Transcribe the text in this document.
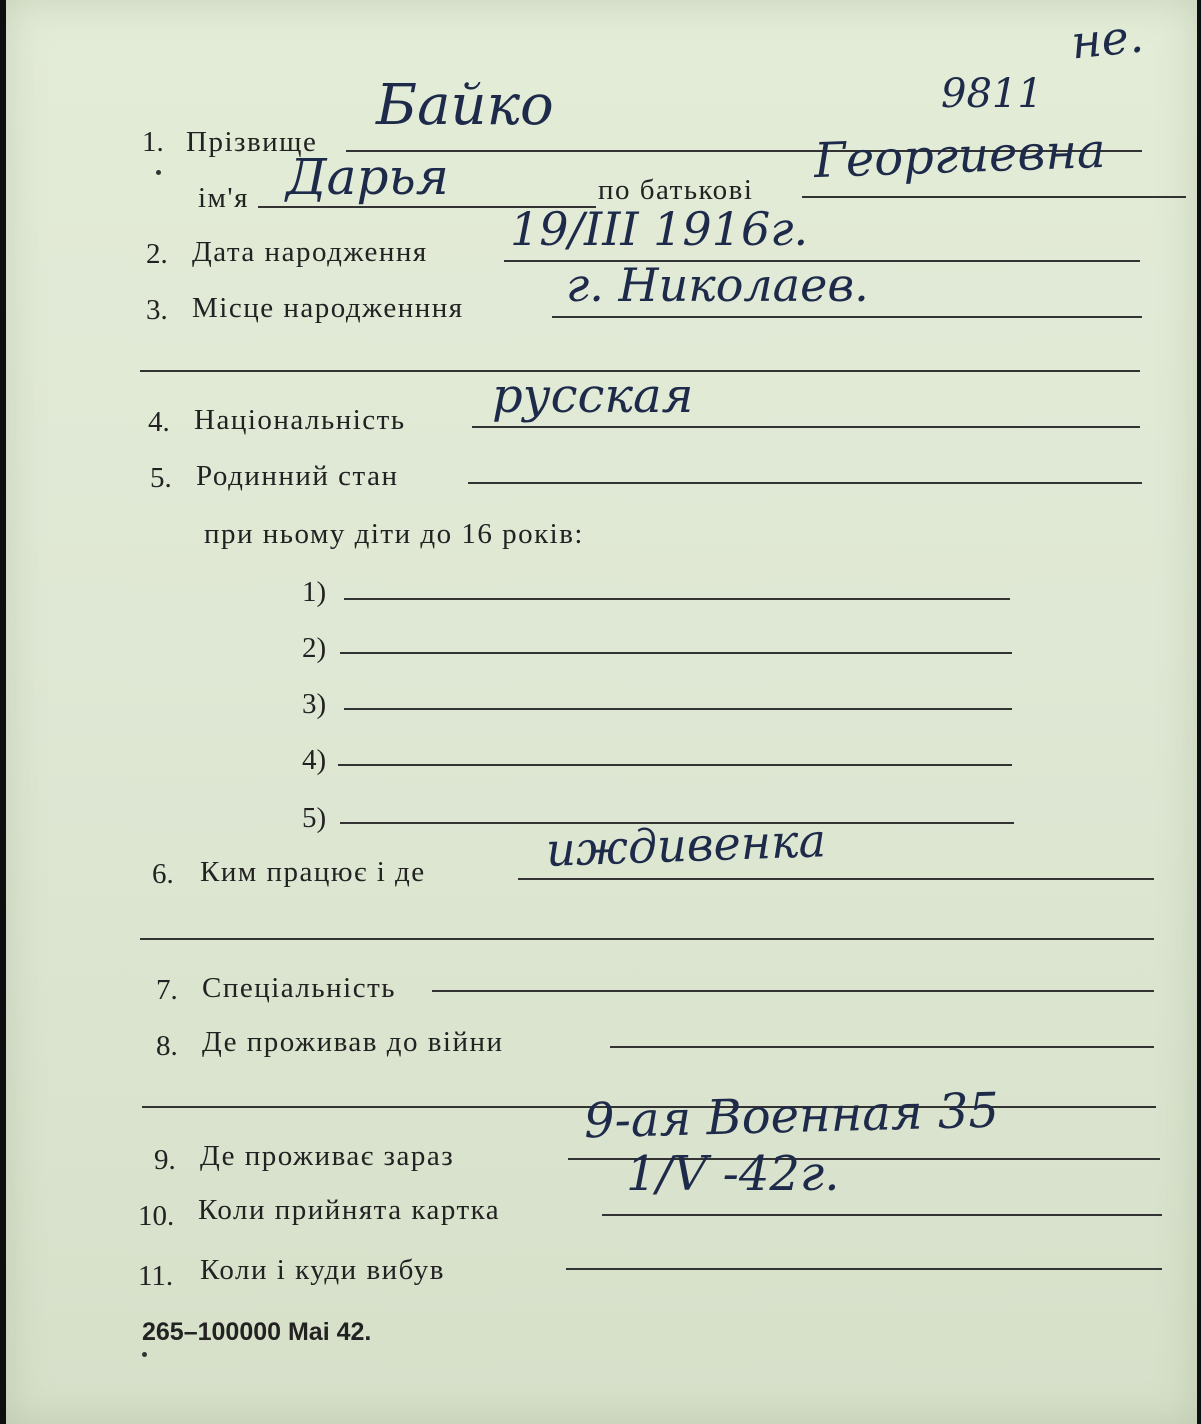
9811
не.
1. Прізвище
Байко
ім'я Дарья	по батькові
Георгиевна
2. Дата народження 19/III 1916г.
3. Місце народженння г. Николаев.
4. Національність русская
5. Родинний стан
при ньому діти до 16 років:
1)
2)
3)
4)
5)
6. Ким працює і де	иждивенка
7. Спеціальність
8. Де проживав до війни
9. Де проживає зараз
9-ая Военная 35
10. Коли прийнята картка
1/V -42г.
11. Коли і куди вибув
265–100000 Mai 42.
